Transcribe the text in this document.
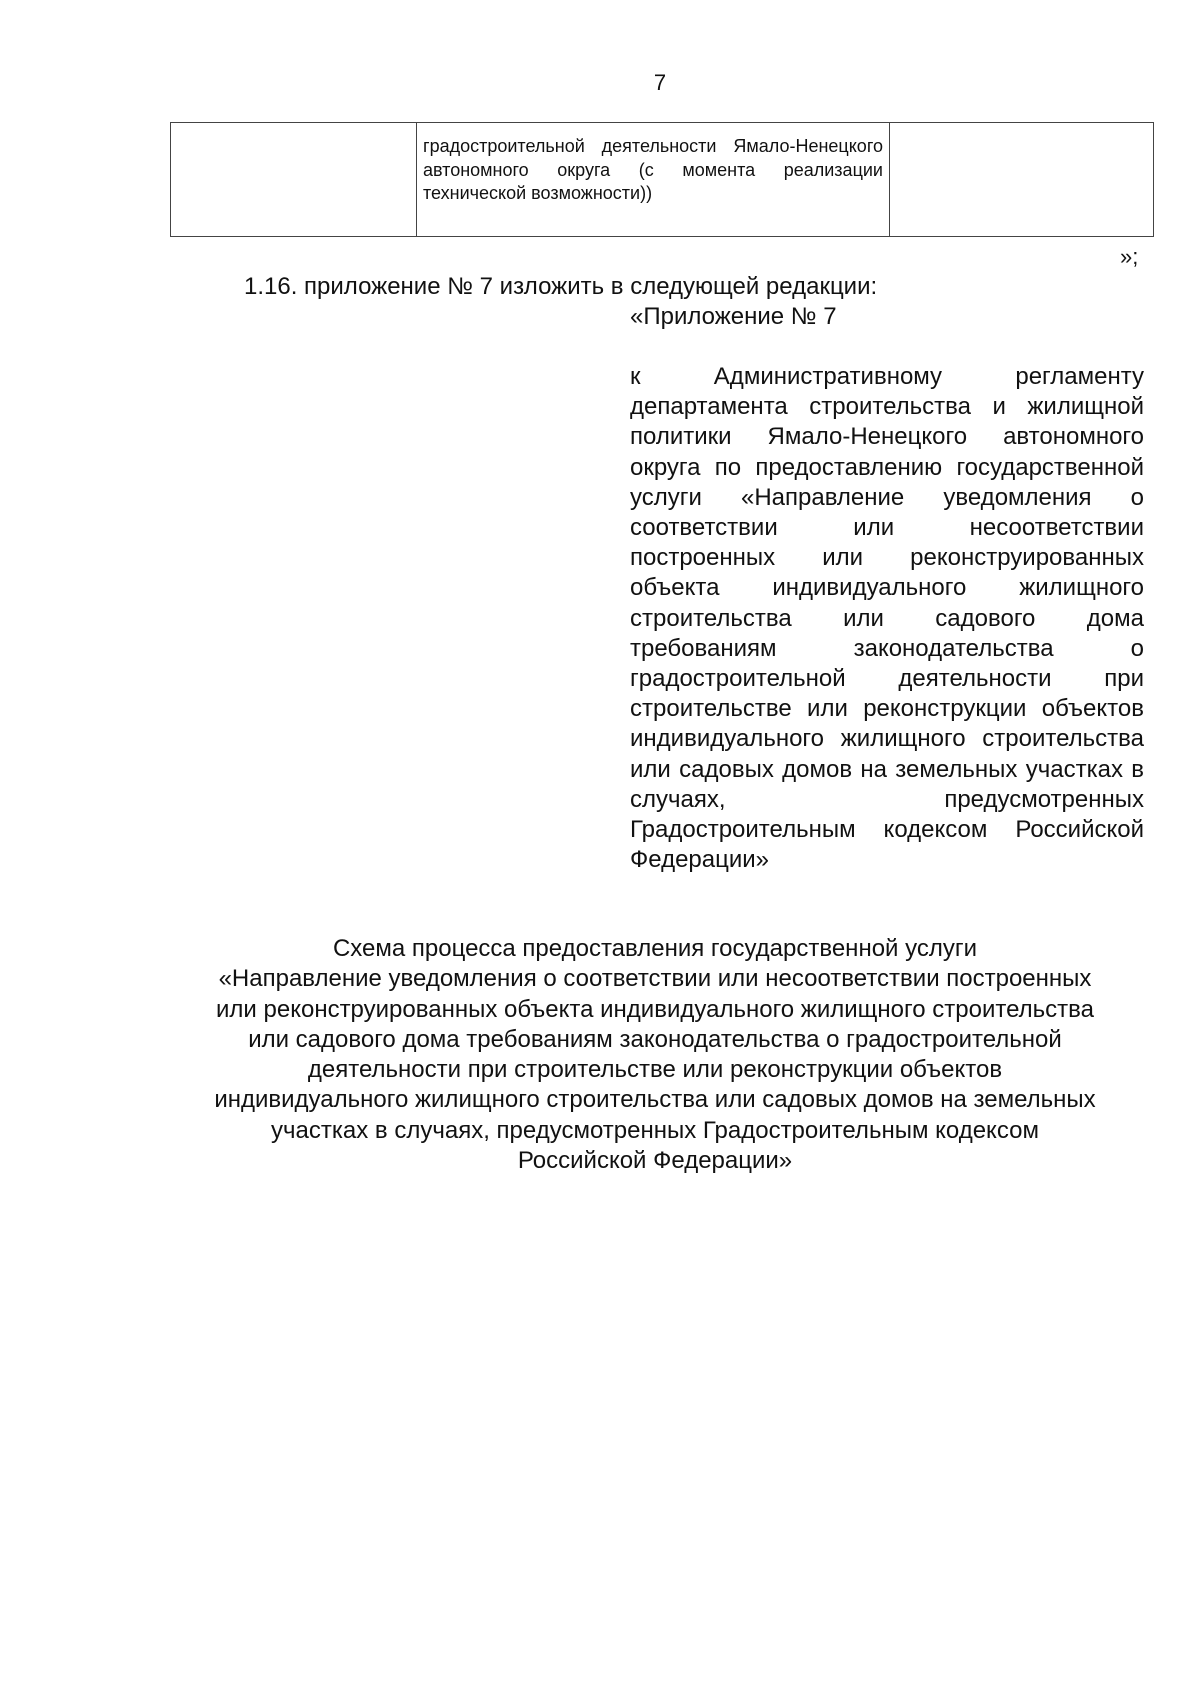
7

градостроительной деятельности Ямало-Ненецкого автономного округа (с момента реализации технической возможности))

»;
1.16. приложение № 7 изложить в следующей редакции:
«Приложение № 7
к Административному регламенту департамента строительства и жилищной политики Ямало-Ненецкого автономного округа по предоставлению государственной услуги «Направление уведомления о соответствии или несоответствии построенных или реконструированных объекта индивидуального жилищного строительства или садового дома требованиям законодательства о градостроительной деятельности при строительстве или реконструкции объектов индивидуального жилищного строительства или садовых домов на земельных участках в случаях, предусмотренных Градостроительным кодексом Российской Федерации»
Схема процесса предоставления государственной услуги
«Направление уведомления о соответствии или несоответствии построенных
или реконструированных объекта индивидуального жилищного строительства
или садового дома требованиям законодательства о градостроительной
деятельности при строительстве или реконструкции объектов
индивидуального жилищного строительства или садовых домов на земельных
участках в случаях, предусмотренных Градостроительным кодексом
Российской Федерации»
